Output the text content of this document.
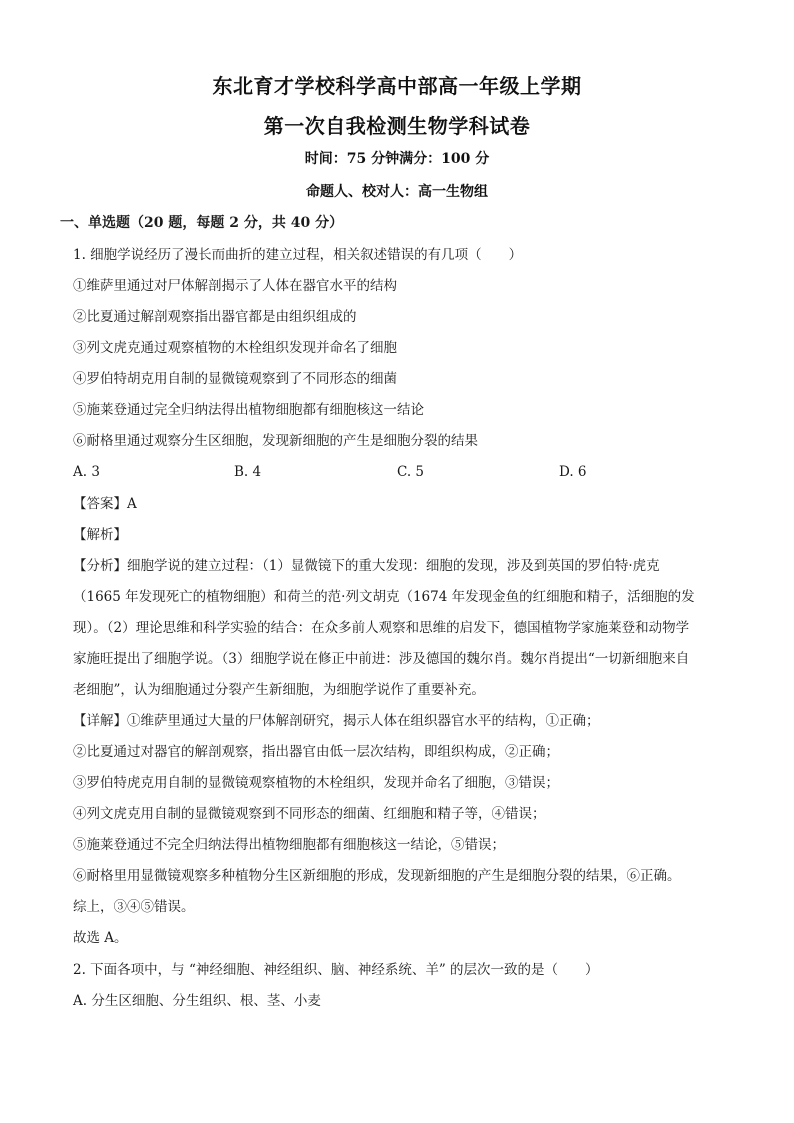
东北育才学校科学高中部高一年级上学期
第一次自我检测生物学科试卷
时间：75 分钟满分：100 分
命题人、校对人：高一生物组
一、单选题（20 题，每题 2 分，共 40 分）
1. 细胞学说经历了漫长而曲折的建立过程，相关叙述错误的有几项（　　）
①维萨里通过对尸体解剖揭示了人体在器官水平的结构
②比夏通过解剖观察指出器官都是由组织组成的
③列文虎克通过观察植物的木栓组织发现并命名了细胞
④罗伯特胡克用自制的显微镜观察到了不同形态的细菌
⑤施莱登通过完全归纳法得出植物细胞都有细胞核这一结论
⑥耐格里通过观察分生区细胞，发现新细胞的产生是细胞分裂的结果
A. 3	B. 4	C. 5	D. 6
【答案】A
【解析】
【分析】细胞学说的建立过程：（1）显微镜下的重大发现：细胞的发现，涉及到英国的罗伯特·虎克
（1665 年发现死亡的植物细胞）和荷兰的范·列文胡克（1674 年发现金鱼的红细胞和精子，活细胞的发
现）。（2）理论思维和科学实验的结合：在众多前人观察和思维的启发下，德国植物学家施莱登和动物学
家施旺提出了细胞学说。（3）细胞学说在修正中前进：涉及德国的魏尔肖。魏尔肖提出“一切新细胞来自
老细胞”，认为细胞通过分裂产生新细胞，为细胞学说作了重要补充。
【详解】①维萨里通过大量的尸体解剖研究，揭示人体在组织器官水平的结构，①正确；
②比夏通过对器官的解剖观察，指出器官由低一层次结构，即组织构成，②正确；
③罗伯特虎克用自制的显微镜观察植物的木栓组织，发现并命名了细胞，③错误；
④列文虎克用自制的显微镜观察到不同形态的细菌、红细胞和精子等，④错误；
⑤施莱登通过不完全归纳法得出植物细胞都有细胞核这一结论，⑤错误；
⑥耐格里用显微镜观察多种植物分生区新细胞的形成，发现新细胞的产生是细胞分裂的结果，⑥正确。
综上，③④⑤错误。
故选 A。
2. 下面各项中，与 “神经细胞、神经组织、脑、神经系统、羊” 的层次一致的是（　　）
A. 分生区细胞、分生组织、根、茎、小麦
